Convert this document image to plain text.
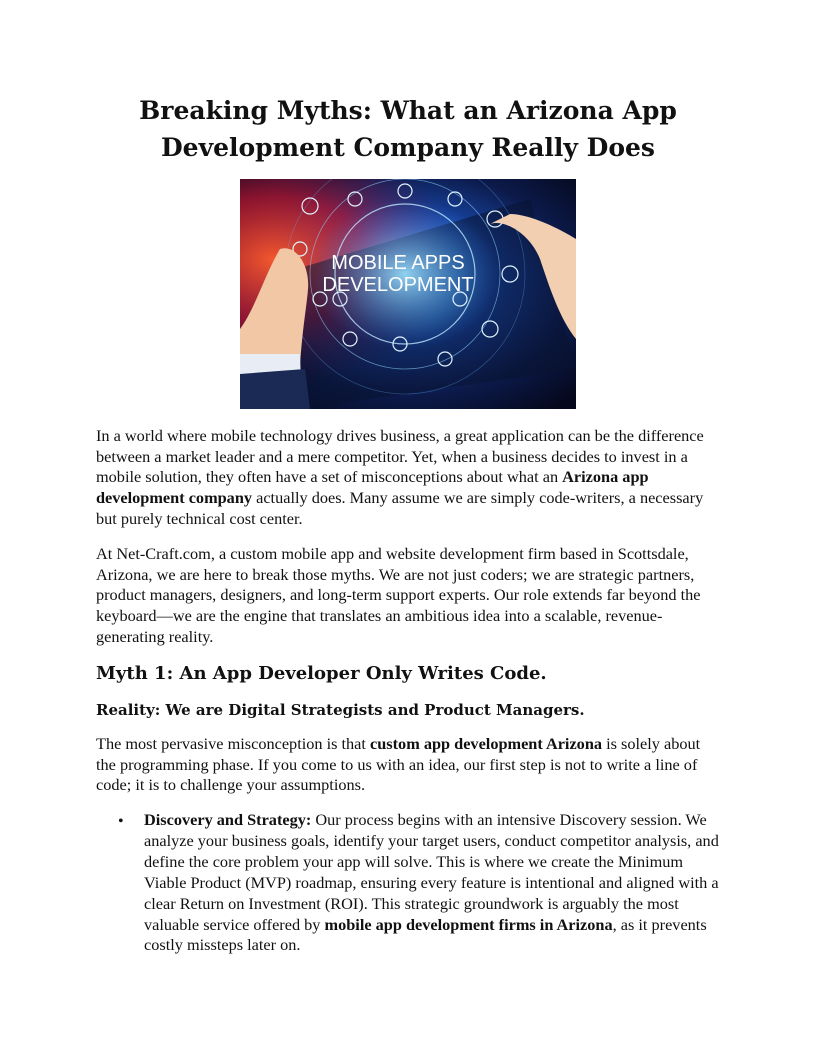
Breaking Myths: What an Arizona App
Development Company Really Does
MOBILE APPS
DEVELOPMENT

In a world where mobile technology drives business, a great application can be the difference between a market leader and a mere competitor. Yet, when a business decides to invest in a mobile solution, they often have a set of misconceptions about what an Arizona app development company actually does. Many assume we are simply code-writers, a necessary but purely technical cost center.

At Net-Craft.com, a custom mobile app and website development firm based in Scottsdale, Arizona, we are here to break those myths. We are not just coders; we are strategic partners, product managers, designers, and long-term support experts. Our role extends far beyond the keyboard—we are the engine that translates an ambitious idea into a scalable, revenue-generating reality.

Myth 1: An App Developer Only Writes Code.
Reality: We are Digital Strategists and Product Managers.

The most pervasive misconception is that custom app development Arizona is solely about the programming phase. If you come to us with an idea, our first step is not to write a line of code; it is to challenge your assumptions.

• Discovery and Strategy: Our process begins with an intensive Discovery session. We analyze your business goals, identify your target users, conduct competitor analysis, and define the core problem your app will solve. This is where we create the Minimum Viable Product (MVP) roadmap, ensuring every feature is intentional and aligned with a clear Return on Investment (ROI). This strategic groundwork is arguably the most valuable service offered by mobile app development firms in Arizona, as it prevents costly missteps later on.
